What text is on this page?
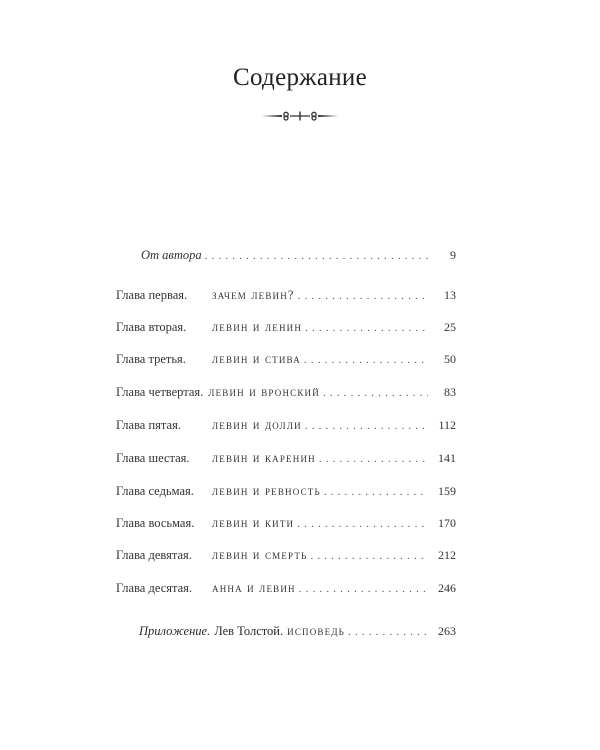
Содержание
От автора . . .	9
Глава первая.	зачем левин? . . .	13
Глава вторая.	левин и ленин . . .	25
Глава третья.	левин и стива . . .	50
Глава четвертая. левин и вронский . . .	83
Глава пятая.	левин и долли . . .	112
Глава шестая.	левин и каренин . . .	141
Глава седьмая.	левин и ревность . . .	159
Глава восьмая.	левин и кити . . .	170
Глава девятая.	левин и смерть . . .	212
Глава десятая.	анна и левин . . .	246
Приложение. Лев Толстой. исповедь . . .	263
